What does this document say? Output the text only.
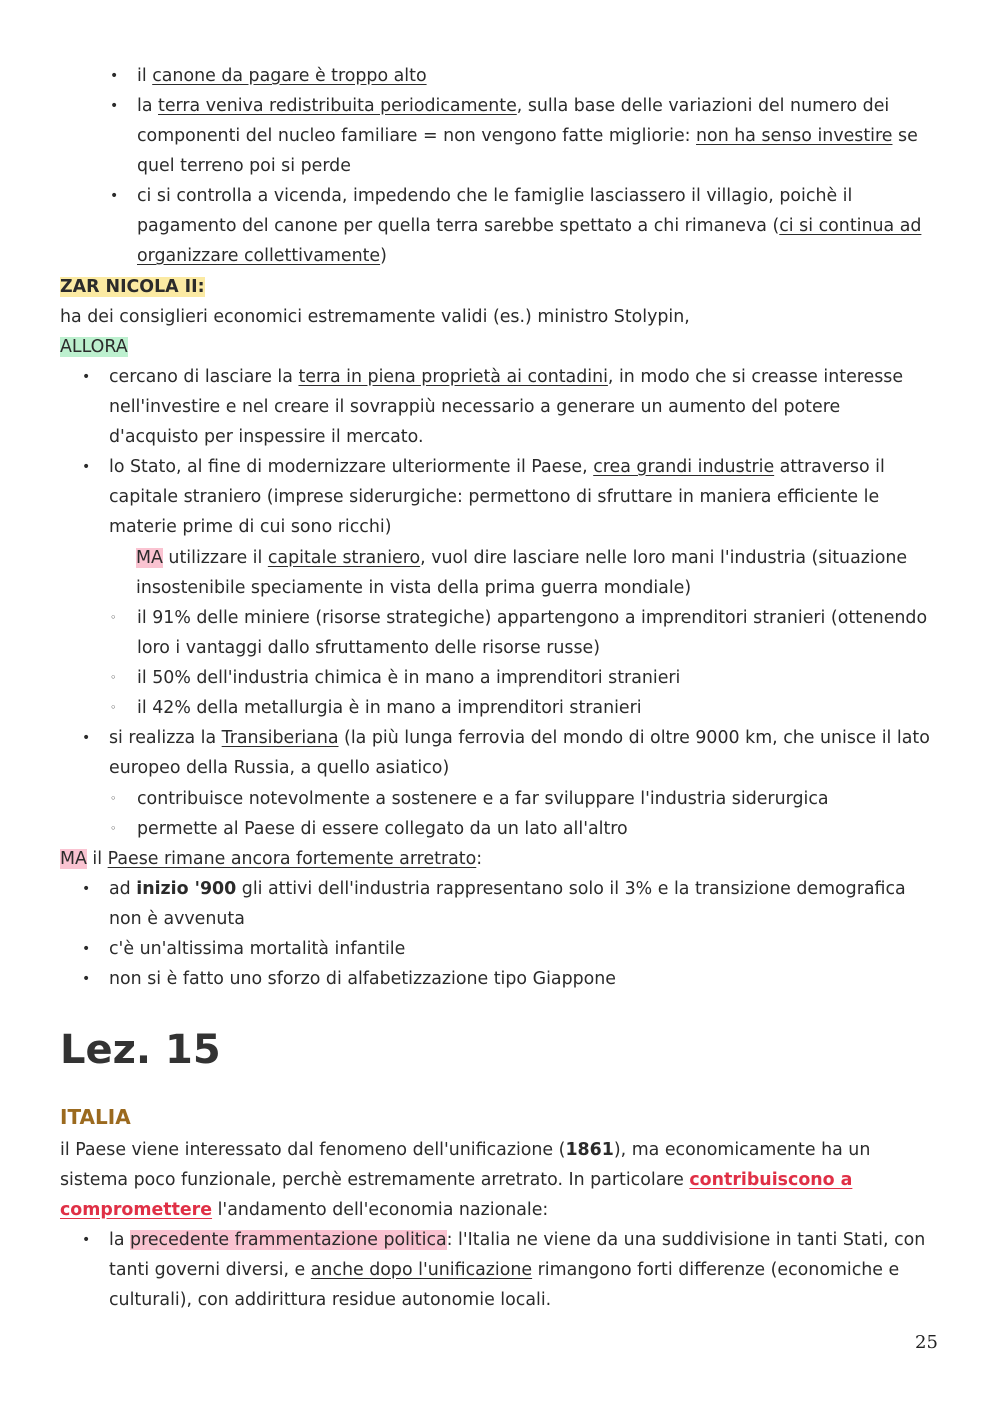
• il canone da pagare è troppo alto
• la terra veniva redistribuita periodicamente, sulla base delle variazioni del numero dei
componenti del nucleo familiare = non vengono fatte migliorie: non ha senso investire se
quel terreno poi si perde
• ci si controlla a vicenda, impedendo che le famiglie lasciassero il villagio, poichè il
pagamento del canone per quella terra sarebbe spettato a chi rimaneva (ci si continua ad
organizzare collettivamente)
ZAR NICOLA II:
ha dei consiglieri economici estremamente validi (es.) ministro Stolypin,
ALLORA
• cercano di lasciare la terra in piena proprietà ai contadini, in modo che si creasse interesse
nell'investire e nel creare il sovrappiù necessario a generare un aumento del potere
d'acquisto per inspessire il mercato.
• lo Stato, al fine di modernizzare ulteriormente il Paese, crea grandi industrie attraverso il
capitale straniero (imprese siderurgiche: permettono di sfruttare in maniera efficiente le
materie prime di cui sono ricchi)
MA utilizzare il capitale straniero, vuol dire lasciare nelle loro mani l'industria (situazione
insostenibile speciamente in vista della prima guerra mondiale)
◦ il 91% delle miniere (risorse strategiche) appartengono a imprenditori stranieri (ottenendo
loro i vantaggi dallo sfruttamento delle risorse russe)
◦ il 50% dell'industria chimica è in mano a imprenditori stranieri
◦ il 42% della metallurgia è in mano a imprenditori stranieri
• si realizza la Transiberiana (la più lunga ferrovia del mondo di oltre 9000 km, che unisce il lato
europeo della Russia, a quello asiatico)
◦ contribuisce notevolmente a sostenere e a far sviluppare l'industria siderurgica
◦ permette al Paese di essere collegato da un lato all'altro
MA il Paese rimane ancora fortemente arretrato:
• ad inizio '900 gli attivi dell'industria rappresentano solo il 3% e la transizione demografica
non è avvenuta
• c'è un'altissima mortalità infantile
• non si è fatto uno sforzo di alfabetizzazione tipo Giappone
Lez. 15
ITALIA
il Paese viene interessato dal fenomeno dell'unificazione (1861), ma economicamente ha un
sistema poco funzionale, perchè estremamente arretrato. In particolare contribuiscono a
compromettere l'andamento dell'economia nazionale:
• la precedente frammentazione politica: l'Italia ne viene da una suddivisione in tanti Stati, con
tanti governi diversi, e anche dopo l'unificazione rimangono forti differenze (economiche e
culturali), con addirittura residue autonomie locali.
25
